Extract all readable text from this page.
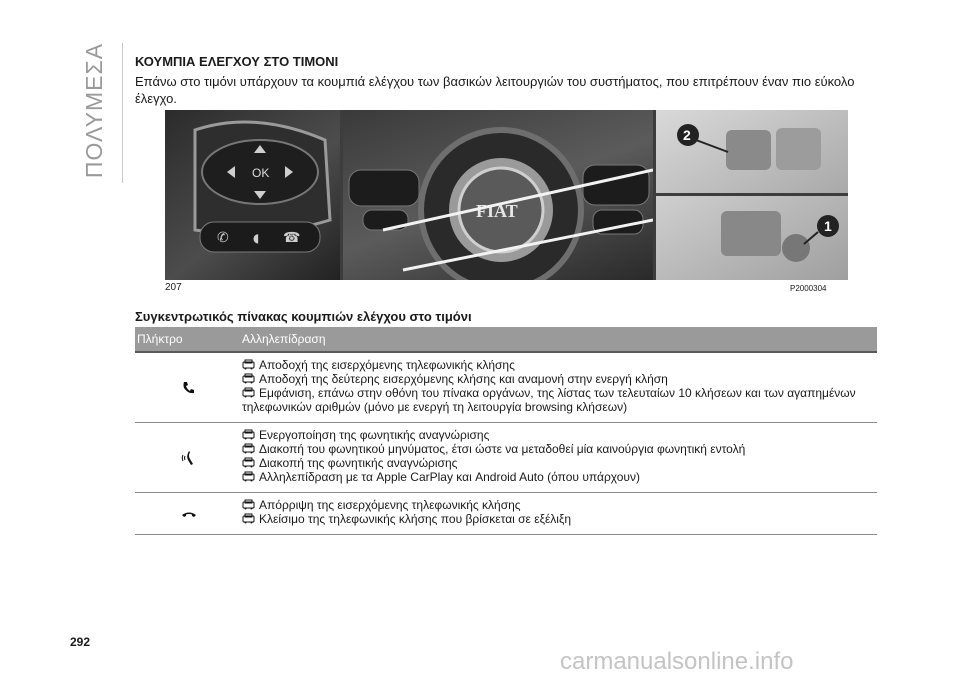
ΠΟΛΥΜΕΣΑ ΚΟΥΜΠΙΑ ΕΛΕΓΧΟΥ ΣΤΟ ΤΙΜΟΝΙ
Επάνω στο τιμόνι υπάρχουν τα κουμπιά ελέγχου των βασικών λειτουργιών του συστήματος, που επιτρέπουν έναν πιο εύκολο έλεγχο.
OK
✆ ◖ ☎
FIAT
2
1
207	P2000304
Συγκεντρωτικός πίνακας κουμπιών ελέγχου στο τιμόνι
Πλήκτρο	Αλληλεπίδραση
Αποδοχή της εισερχόμενης τηλεφωνικής κλήσης
Αποδοχή της δεύτερης εισερχόμενης κλήσης και αναμονή στην ενεργή κλήση
Εμφάνιση, επάνω στην οθόνη του πίνακα οργάνων, της λίστας των τελευταίων 10 κλήσεων και των αγαπημένων
τηλεφωνικών αριθμών (μόνο με ενεργή τη λειτουργία browsing κλήσεων)
Ενεργοποίηση της φωνητικής αναγνώρισης
Διακοπή του φωνητικού μηνύματος, έτσι ώστε να μεταδοθεί μία καινούργια φωνητική εντολή
Διακοπή της φωνητικής αναγνώρισης
Αλληλεπίδραση με τα Apple CarPlay και Android Auto (όπου υπάρχουν)
Απόρριψη της εισερχόμενης τηλεφωνικής κλήσης
Κλείσιμο της τηλεφωνικής κλήσης που βρίσκεται σε εξέλιξη
292
carmanualsonline.info
